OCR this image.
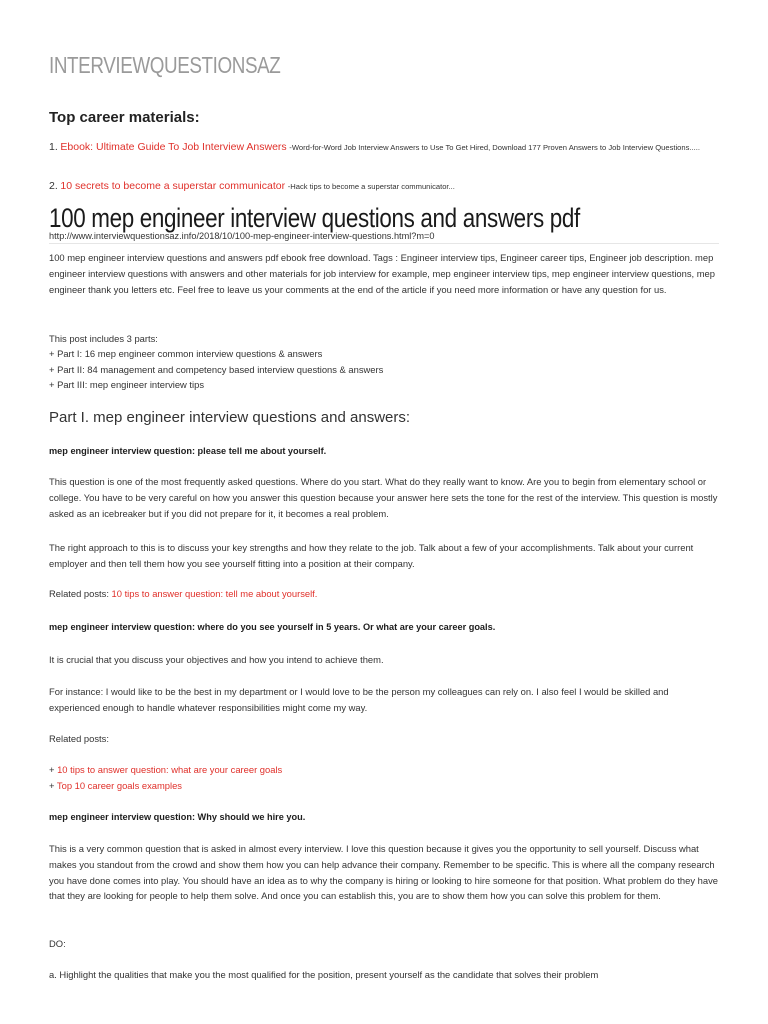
INTERVIEWQUESTIONSAZ
Top career materials:
1. Ebook: Ultimate Guide To Job Interview Answers -Word-for-Word Job Interview Answers to Use To Get Hired, Download 177 Proven Answers to Job Interview Questions.....
2. 10 secrets to become a superstar communicator -Hack tips to become a superstar communicator...
100 mep engineer interview questions and answers pdf
http://www.interviewquestionsaz.info/2018/10/100-mep-engineer-interview-questions.html?m=0

100 mep engineer interview questions and answers pdf ebook free download. Tags : Engineer interview tips, Engineer career tips, Engineer job description. mep engineer interview questions with answers and other materials for job interview for example, mep engineer interview tips, mep engineer interview questions, mep engineer thank you letters etc. Feel free to leave us your comments at the end of the article if you need more information or have any question for us.

This post includes 3 parts:
+ Part I: 16 mep engineer common interview questions & answers
+ Part II: 84 management and competency based interview questions & answers
+ Part III: mep engineer interview tips
Part I. mep engineer interview questions and answers:
mep engineer interview question: please tell me about yourself.

This question is one of the most frequently asked questions. Where do you start. What do they really want to know. Are you to begin from elementary school or college. You have to be very careful on how you answer this question because your answer here sets the tone for the rest of the interview. This question is mostly asked as an icebreaker but if you did not prepare for it, it becomes a real problem.

The right approach to this is to discuss your key strengths and how they relate to the job. Talk about a few of your accomplishments. Talk about your current employer and then tell them how you see yourself fitting into a position at their company.

Related posts: 10 tips to answer question: tell me about yourself.
mep engineer interview question: where do you see yourself in 5 years. Or what are your career goals.

It is crucial that you discuss your objectives and how you intend to achieve them.

For instance: I would like to be the best in my department or I would love to be the person my colleagues can rely on. I also feel I would be skilled and experienced enough to handle whatever responsibilities might come my way.

Related posts:
+ 10 tips to answer question: what are your career goals
+ Top 10 career goals examples
mep engineer interview question: Why should we hire you.

This is a very common question that is asked in almost every interview. I love this question because it gives you the opportunity to sell yourself. Discuss what makes you standout from the crowd and show them how you can help advance their company. Remember to be specific. This is where all the company research you have done comes into play. You should have an idea as to why the company is hiring or looking to hire someone for that position. What problem do they have that they are looking for people to help them solve. And once you can establish this, you are to show them how you can solve this problem for them.

DO:
a. Highlight the qualities that make you the most qualified for the position, present yourself as the candidate that solves their problem
